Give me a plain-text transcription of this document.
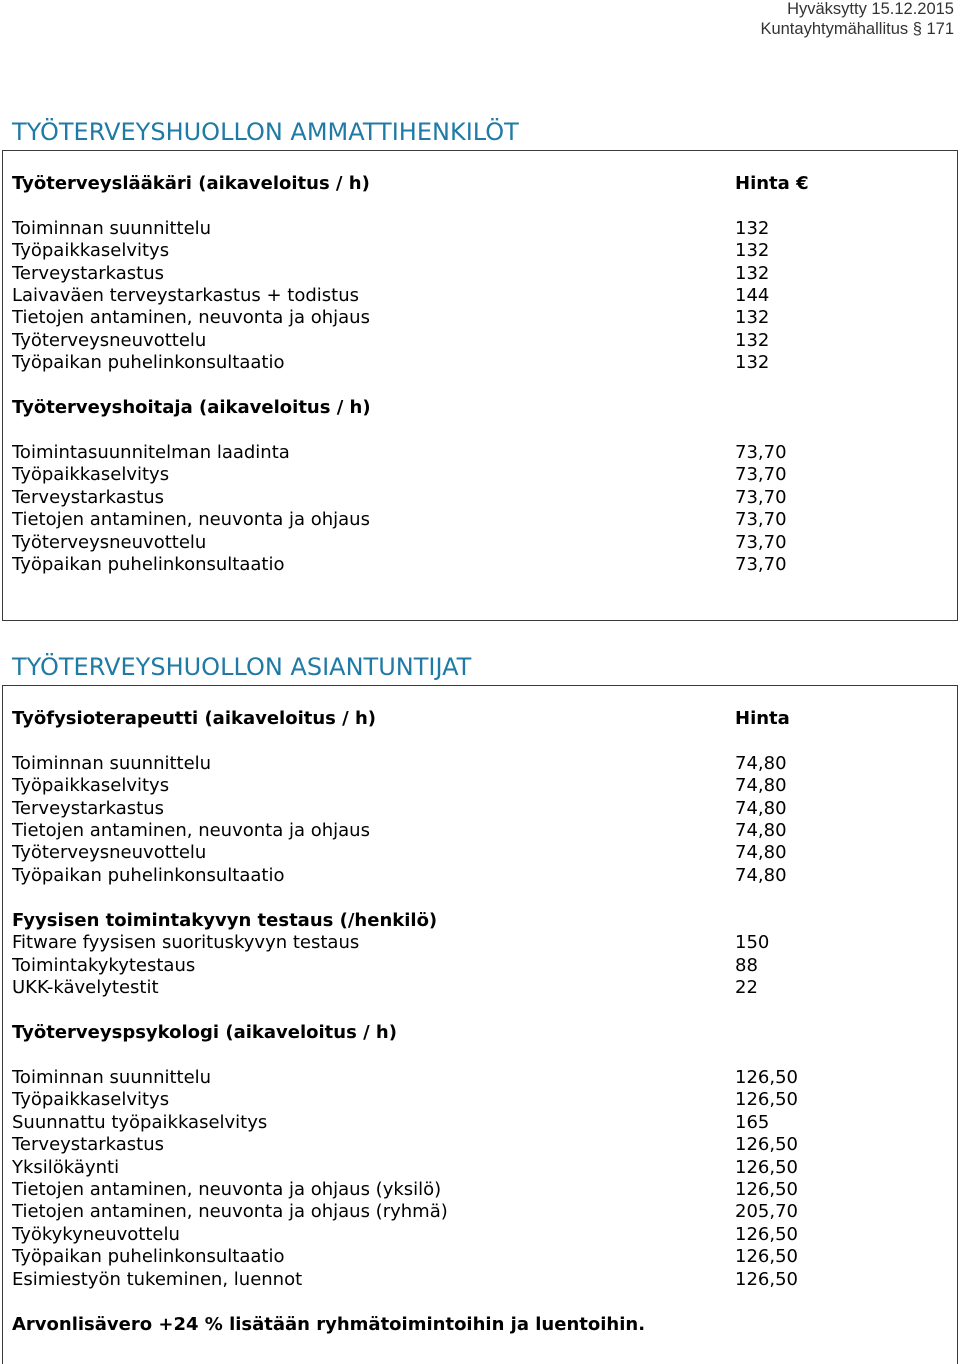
Hyväksytty 15.12.2015
Kuntayhtymähallitus § 171
TYÖTERVEYSHUOLLON AMMATTIHENKILÖT
Työterveyslääkäri (aikaveloitus / h)	Hinta €
Toiminnan suunnittelu	132
Työpaikkaselvitys	132
Terveystarkastus	132
Laivaväen terveystarkastus + todistus	144
Tietojen antaminen, neuvonta ja ohjaus	132
Työterveysneuvottelu	132
Työpaikan puhelinkonsultaatio	132
Työterveyshoitaja (aikaveloitus / h)
Toimintasuunnitelman laadinta	73,70
Työpaikkaselvitys	73,70
Terveystarkastus	73,70
Tietojen antaminen, neuvonta ja ohjaus	73,70
Työterveysneuvottelu	73,70
Työpaikan puhelinkonsultaatio	73,70
TYÖTERVEYSHUOLLON ASIANTUNTIJAT
Työfysioterapeutti (aikaveloitus / h)	Hinta
Toiminnan suunnittelu	74,80
Työpaikkaselvitys	74,80
Terveystarkastus	74,80
Tietojen antaminen, neuvonta ja ohjaus	74,80
Työterveysneuvottelu	74,80
Työpaikan puhelinkonsultaatio	74,80
Fyysisen toimintakyvyn testaus (/henkilö)
Fitware fyysisen suorituskyvyn testaus	150
Toimintakykytestaus	88
UKK-kävelytestit	22
Työterveyspsykologi (aikaveloitus / h)
Toiminnan suunnittelu	126,50
Työpaikkaselvitys	126,50
Suunnattu työpaikkaselvitys	165
Terveystarkastus	126,50
Yksilökäynti	126,50
Tietojen antaminen, neuvonta ja ohjaus (yksilö)	126,50
Tietojen antaminen, neuvonta ja ohjaus (ryhmä)	205,70
Työkykyneuvottelu	126,50
Työpaikan puhelinkonsultaatio	126,50
Esimiestyön tukeminen, luennot	126,50
Arvonlisävero +24 % lisätään ryhmätoimintoihin ja luentoihin.
